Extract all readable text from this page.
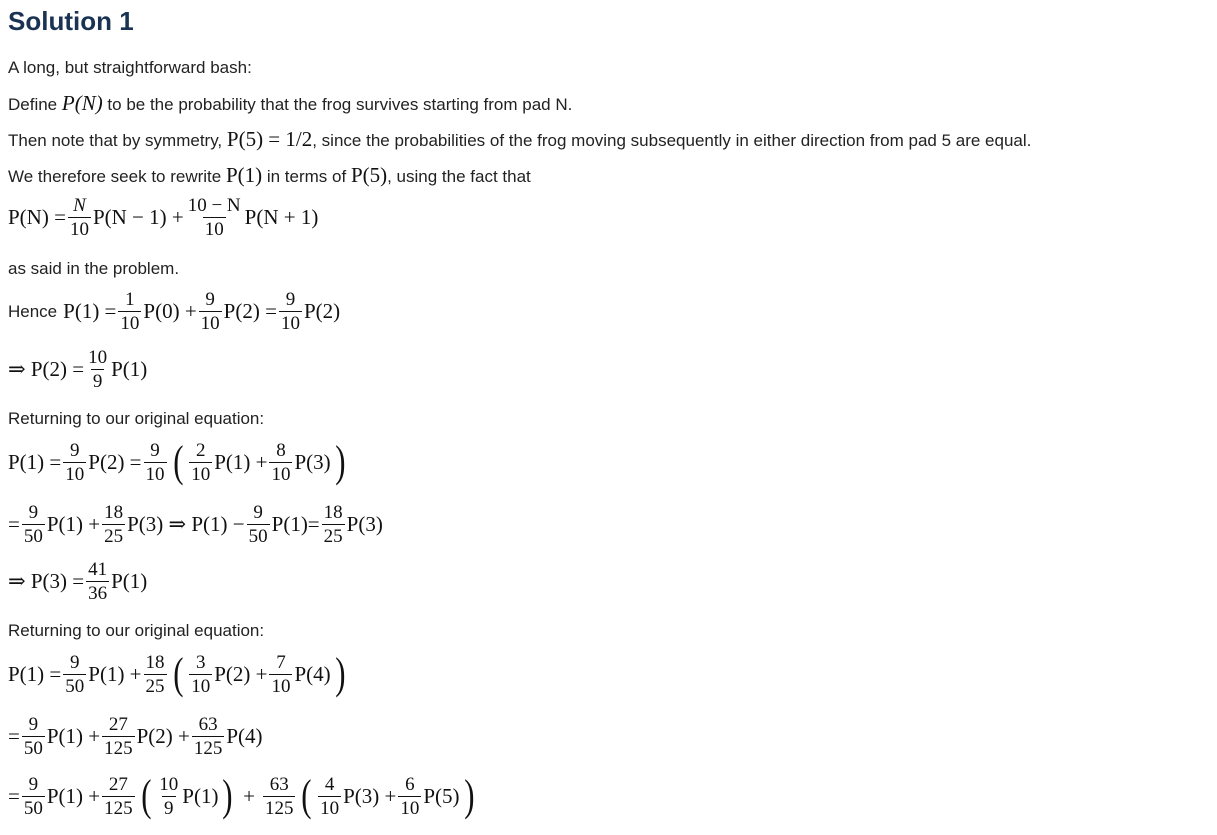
Solution 1
A long, but straightforward bash:
Define P(N) to be the probability that the frog survives starting from pad N.
Then note that by symmetry, P(5) = 1/2, since the probabilities of the frog moving subsequently in either direction from pad 5 are equal.
We therefore seek to rewrite P(1) in terms of P(5), using the fact that
$P(N) = \frac{N}{10} P(N - 1) + \frac{10 - N}{10} P(N + 1)$
as said in the problem.
Hence $P(1) = \frac{1}{10} P(0) + \frac{9}{10} P(2) = \frac{9}{10} P(2)$
⇒ $P(2) = \frac{10}{9} P(1)$
Returning to our original equation:
$P(1) = \frac{9}{10} P(2) = \frac{9}{10}$ ( $\frac{2}{10} P(1) + \frac{8}{10} P(3)$ )
= $\frac{9}{50} P(1) + \frac{18}{25} P(3)$ ⇒ $P(1) - \frac{9}{50} P(1)= \frac{18}{25} P(3)$
⇒ $P(3) = \frac{41}{36} P(1)$
Returning to our original equation:
$P(1) = \frac{9}{50} P(1) + \frac{18}{25}$ ( $\frac{3}{10} P(2) + \frac{7}{10} P(4)$ )
= $\frac{9}{50} P(1) + \frac{27}{125} P(2) + \frac{63}{125} P(4)$
= $\frac{9}{50} P(1) + \frac{27}{125}$ ( $\frac{10}{9} P(1)$ ) + $\frac{63}{125}$ ( $\frac{4}{10} P(3) + \frac{6}{10} P(5)$ )
